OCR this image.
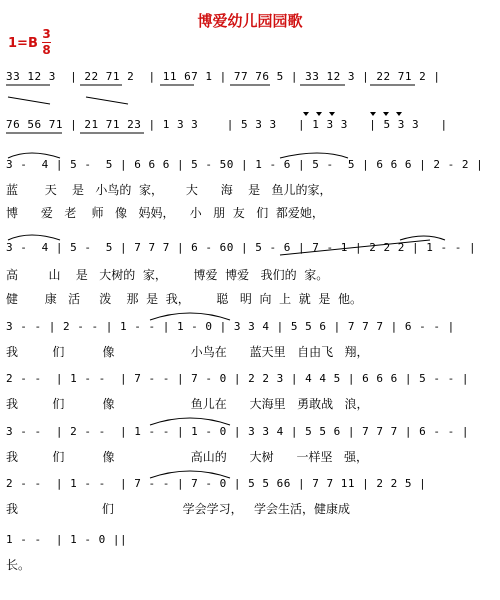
博爱幼儿园园歌
1=B
3
8
33 12 3  | 22 71 2  | 11 67 1 | 77 76 5 | 33 12 3 | 22 71 2 |
76 56 71 | 21 71 23 | 1 3 3    | 5 3 3   | 1 3 3   | 5 3 3   |
3 -  4 | 5 -  5 | 6 6 6 | 5 - 50 | 1 - 6 | 5 -  5 | 6 6 6 | 2 - 2 |
蓝       天    是   小鸟的  家，      大      海    是   鱼儿的家，
博      爱   老    师   像   妈妈，    小   朋  友   们  都爱她，
3 -  4 | 5 -  5 | 7 7 7 | 6 - 60 | 5 - 6 | 7 - 1 | 2 2 2 | 1 - - |
高        山    是   大树的  家，       博爱  博爱   我们的  家。
健       康   活     泼    那  是  我，       聪   明  向  上  就  是  他。
3 - - | 2 - - | 1 - - | 1 - 0 | 3 3 4 | 5 5 6 | 7 7 7 | 6 - - |
我         们          像                    小鸟在      蓝天里   自由飞   翔，
2 - -  | 1 - -  | 7 - - | 7 - 0 | 2 2 3 | 4 4 5 | 6 6 6 | 5 - - |
我         们          像                    鱼儿在      大海里   勇敢战   浪，
3 - -  | 2 - -  | 1 - - | 1 - 0 | 3 3 4 | 5 5 6 | 7 7 7 | 6 - - |
我         们          像                    高山的      大树      一样坚   强，
2 - -  | 1 - -  | 7 - - | 7 - 0 | 5 5 66 | 7 7 11 | 2 2 5 |
我                      们                  学会学习，   学会生活，健康成
1 - -  | 1 - 0 ||
长。
